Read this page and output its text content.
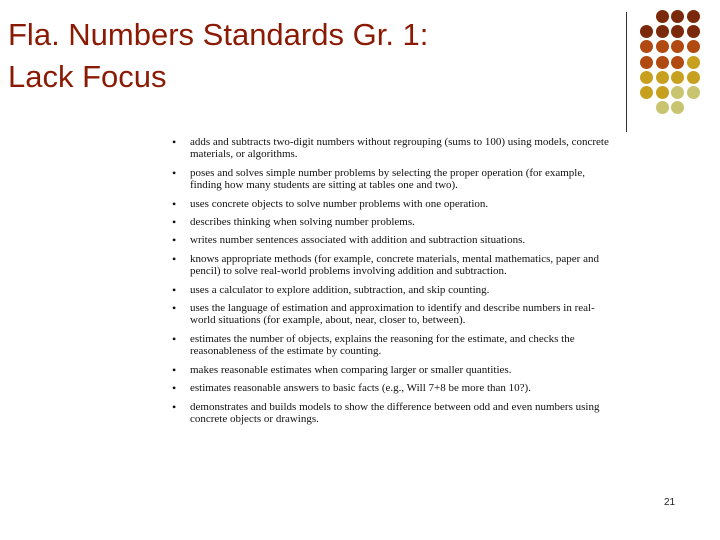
Fla. Numbers Standards Gr. 1:
Lack Focus
• adds and subtracts two-digit numbers without regrouping (sums to 100) using models, concrete materials, or algorithms.
• poses and solves simple number problems by selecting the proper operation (for example, finding how many students are sitting at tables one and two).
• uses concrete objects to solve number problems with one operation.
• describes thinking when solving number problems.
• writes number sentences associated with addition and subtraction situations.
• knows appropriate methods (for example, concrete materials, mental mathematics, paper and pencil) to solve real-world problems involving addition and subtraction.
• uses a calculator to explore addition, subtraction, and skip counting.
• uses the language of estimation and approximation to identify and describe numbers in real-world situations (for example, about, near, closer to, between).
• estimates the number of objects, explains the reasoning for the estimate, and checks the reasonableness of the estimate by counting.
• makes reasonable estimates when comparing larger or smaller quantities.
• estimates reasonable answers to basic facts (e.g., Will 7+8 be more than 10?).
• demonstrates and builds models to show the difference between odd and even numbers using concrete objects or drawings.
21
